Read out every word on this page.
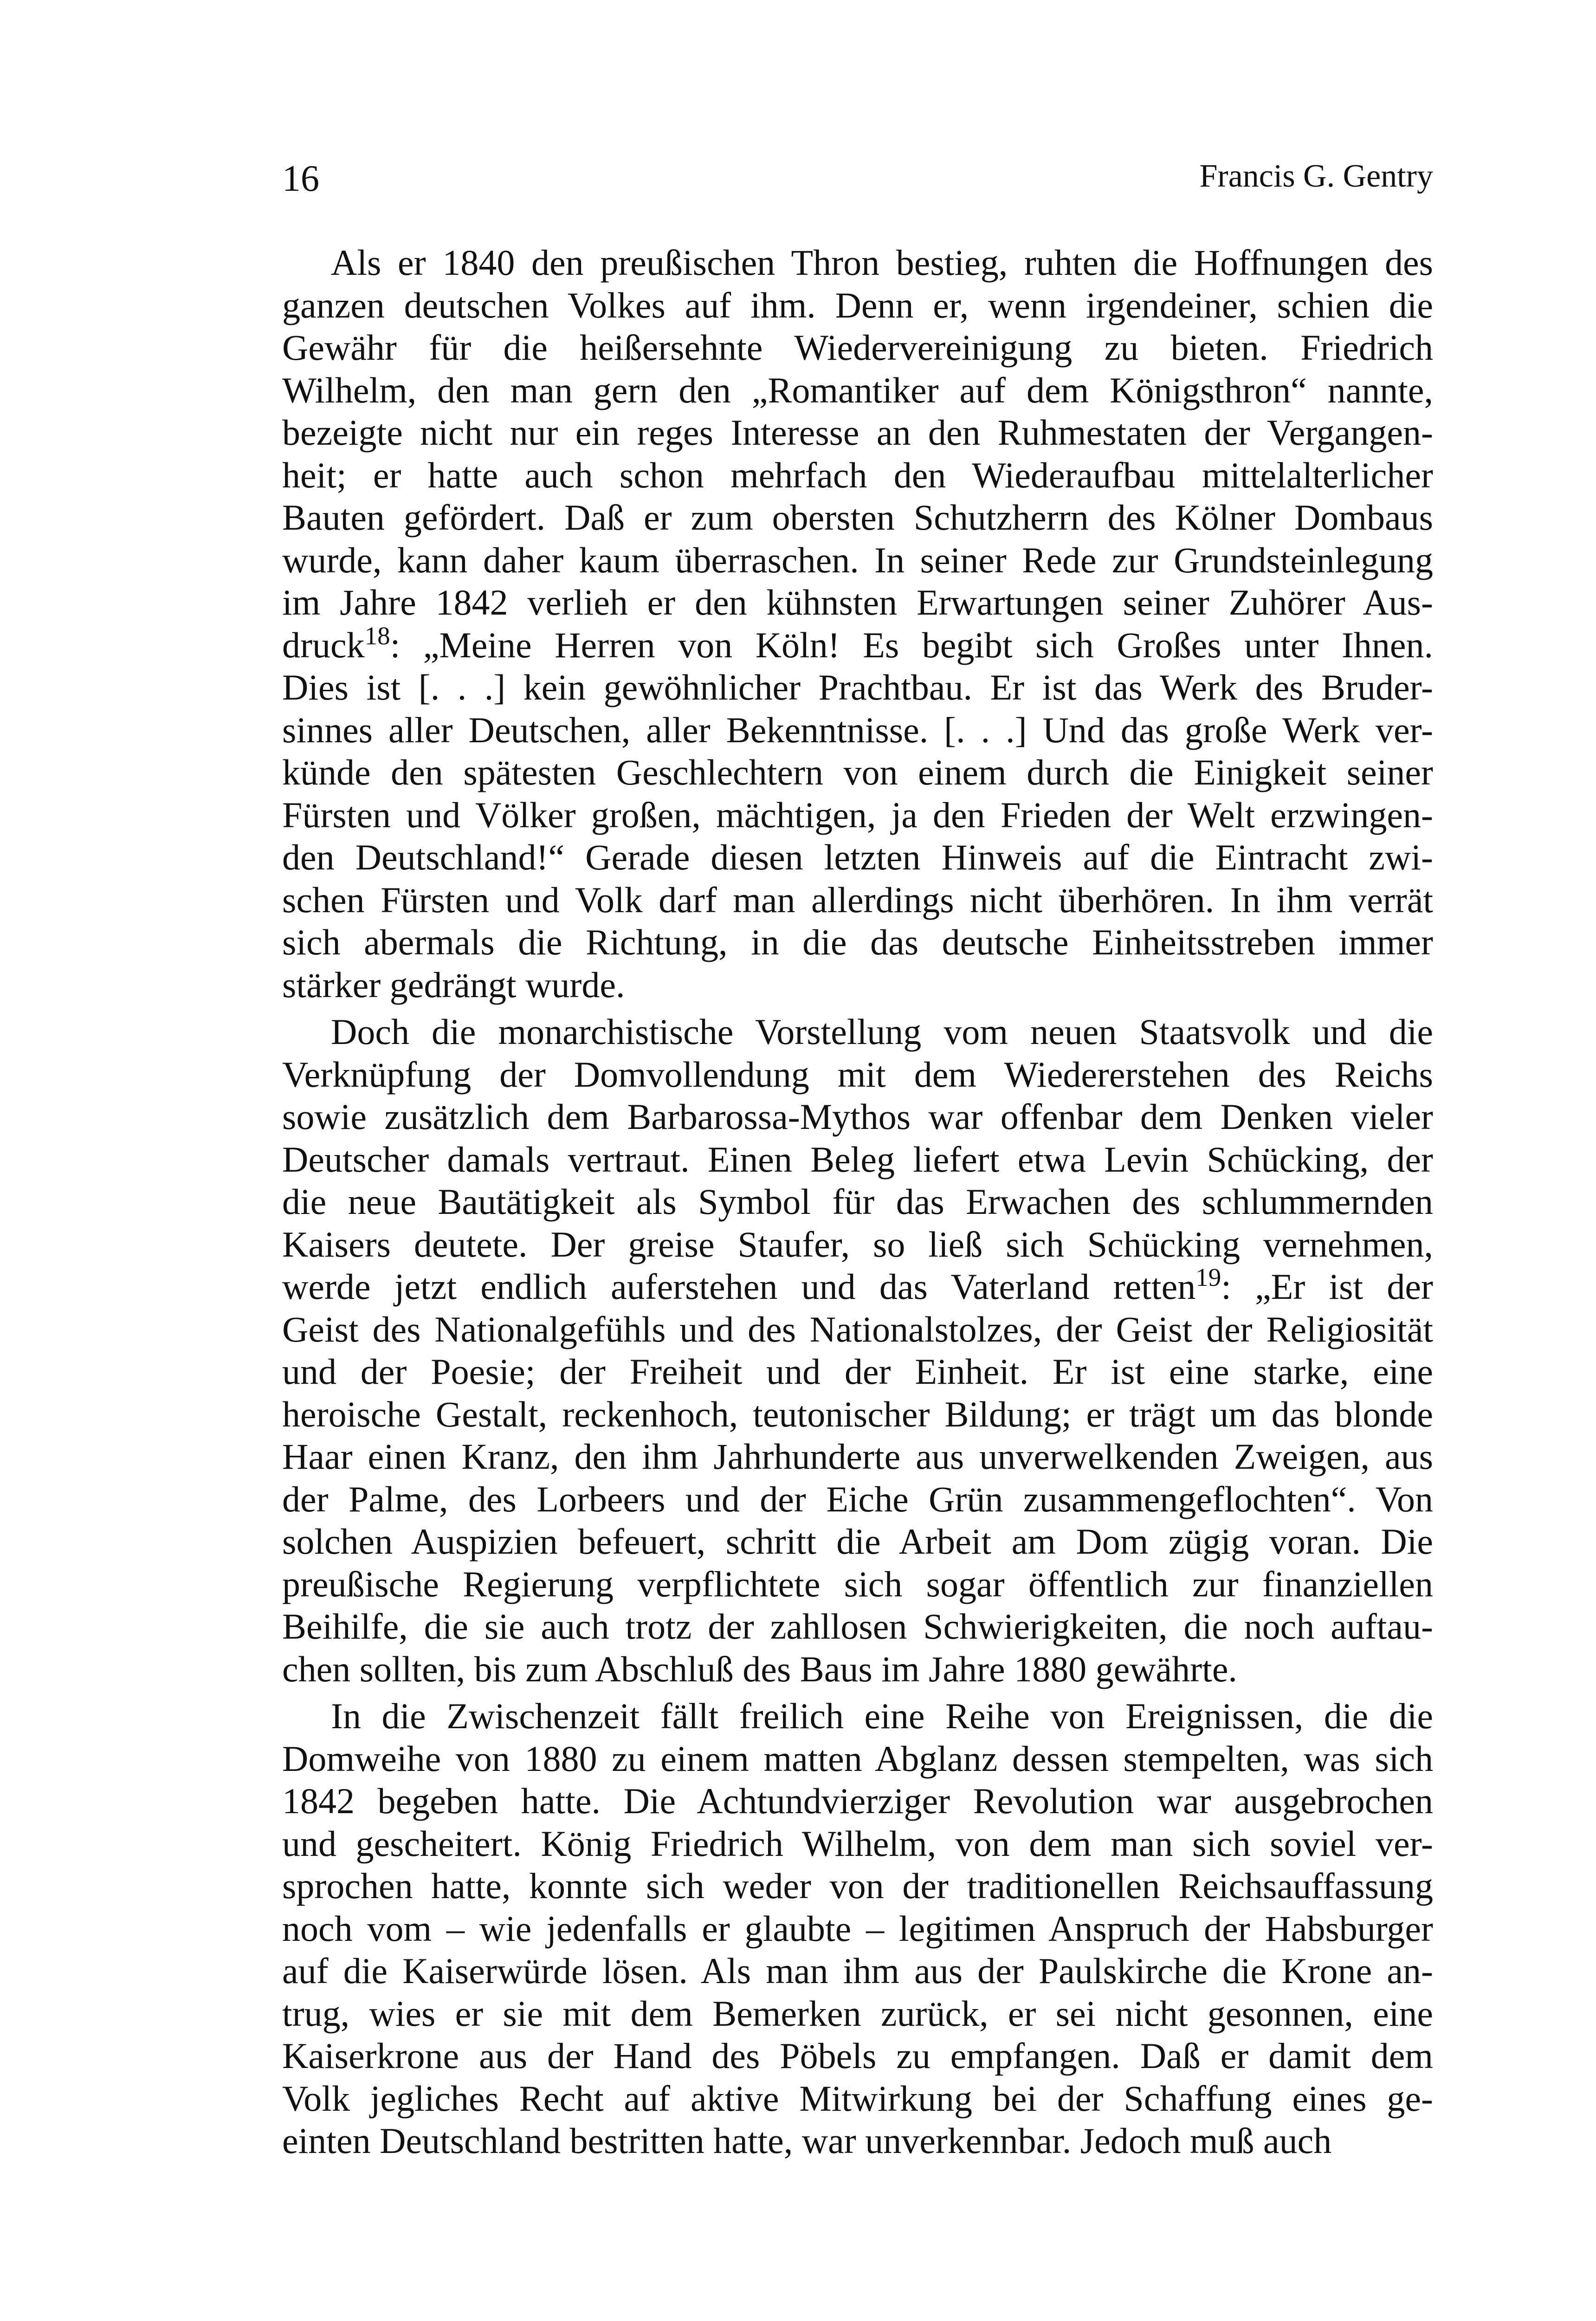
16	Francis G. Gentry
Als er 1840 den preußischen Thron bestieg, ruhten die Hoffnungen des
ganzen deutschen Volkes auf ihm. Denn er, wenn irgendeiner, schien die
Gewähr für die heißersehnte Wiedervereinigung zu bieten. Friedrich
Wilhelm, den man gern den „Romantiker auf dem Königsthron“ nannte,
bezeigte nicht nur ein reges Interesse an den Ruhmestaten der Vergangen-
heit; er hatte auch schon mehrfach den Wiederaufbau mittelalterlicher
Bauten gefördert. Daß er zum obersten Schutzherrn des Kölner Dombaus
wurde, kann daher kaum überraschen. In seiner Rede zur Grundsteinlegung
im Jahre 1842 verlieh er den kühnsten Erwartungen seiner Zuhörer Aus-
druck$^{18}$: „Meine Herren von Köln! Es begibt sich Großes unter Ihnen.
Dies ist [. . .] kein gewöhnlicher Prachtbau. Er ist das Werk des Bruder-
sinnes aller Deutschen, aller Bekenntnisse. [. . .] Und das große Werk ver-
künde den spätesten Geschlechtern von einem durch die Einigkeit seiner
Fürsten und Völker großen, mächtigen, ja den Frieden der Welt erzwingen-
den Deutschland!“ Gerade diesen letzten Hinweis auf die Eintracht zwi-
schen Fürsten und Volk darf man allerdings nicht überhören. In ihm verrät
sich abermals die Richtung, in die das deutsche Einheitsstreben immer
stärker gedrängt wurde.
Doch die monarchistische Vorstellung vom neuen Staatsvolk und die
Verknüpfung der Domvollendung mit dem Wiedererstehen des Reichs
sowie zusätzlich dem Barbarossa-Mythos war offenbar dem Denken vieler
Deutscher damals vertraut. Einen Beleg liefert etwa Levin Schücking, der
die neue Bautätigkeit als Symbol für das Erwachen des schlummernden
Kaisers deutete. Der greise Staufer, so ließ sich Schücking vernehmen,
werde jetzt endlich auferstehen und das Vaterland retten$^{19}$: „Er ist der
Geist des Nationalgefühls und des Nationalstolzes, der Geist der Religiosität
und der Poesie; der Freiheit und der Einheit. Er ist eine starke, eine
heroische Gestalt, reckenhoch, teutonischer Bildung; er trägt um das blonde
Haar einen Kranz, den ihm Jahrhunderte aus unverwelkenden Zweigen, aus
der Palme, des Lorbeers und der Eiche Grün zusammengeflochten“. Von
solchen Auspizien befeuert, schritt die Arbeit am Dom zügig voran. Die
preußische Regierung verpflichtete sich sogar öffentlich zur finanziellen
Beihilfe, die sie auch trotz der zahllosen Schwierigkeiten, die noch auftau-
chen sollten, bis zum Abschluß des Baus im Jahre 1880 gewährte.
In die Zwischenzeit fällt freilich eine Reihe von Ereignissen, die die
Domweihe von 1880 zu einem matten Abglanz dessen stempelten, was sich
1842 begeben hatte. Die Achtundvierziger Revolution war ausgebrochen
und gescheitert. König Friedrich Wilhelm, von dem man sich soviel ver-
sprochen hatte, konnte sich weder von der traditionellen Reichsauffassung
noch vom – wie jedenfalls er glaubte – legitimen Anspruch der Habsburger
auf die Kaiserwürde lösen. Als man ihm aus der Paulskirche die Krone an-
trug, wies er sie mit dem Bemerken zurück, er sei nicht gesonnen, eine
Kaiserkrone aus der Hand des Pöbels zu empfangen. Daß er damit dem
Volk jegliches Recht auf aktive Mitwirkung bei der Schaffung eines ge-
einten Deutschland bestritten hatte, war unverkennbar. Jedoch muß auch
